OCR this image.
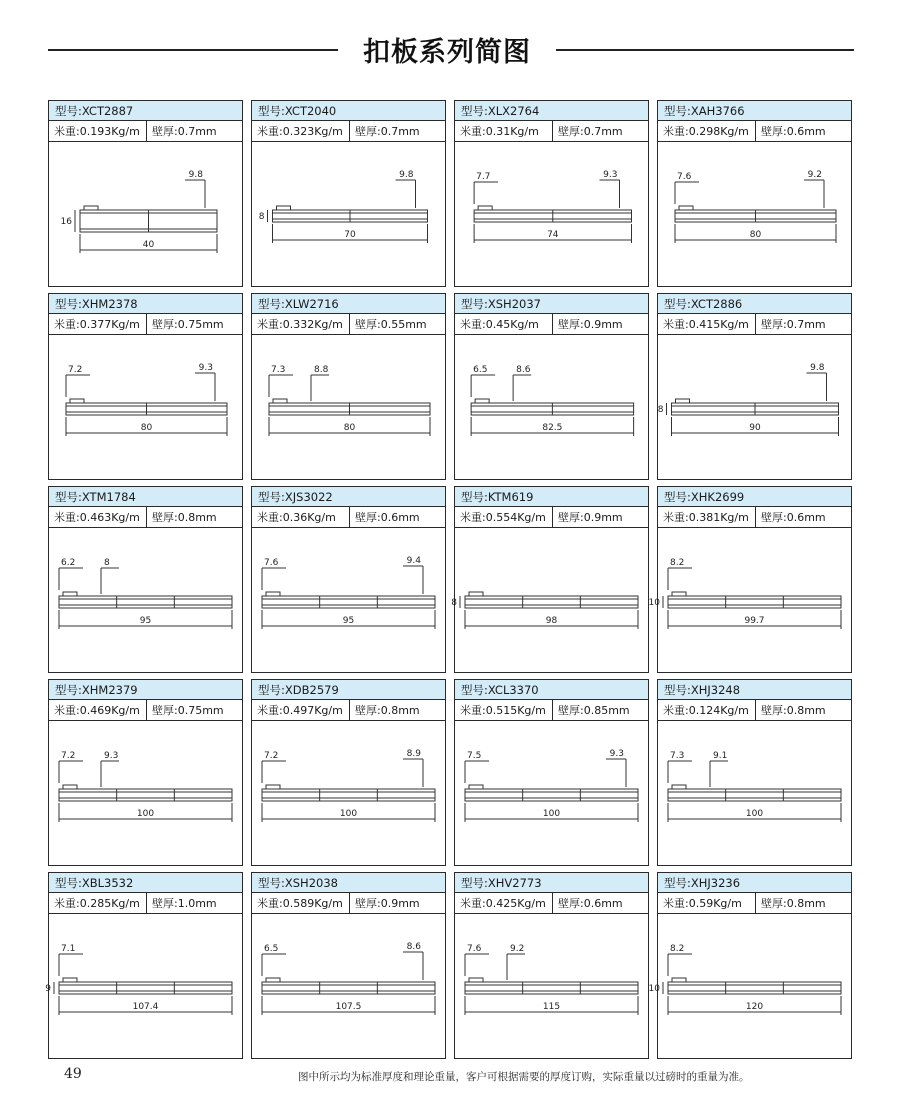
扣板系列简图
型号:XCT2887
米重:0.193Kg/m 壁厚:0.7mm
40
9.8
16
型号:XCT2040
米重:0.323Kg/m 壁厚:0.7mm
70
9.8
8
型号:XLX2764
米重:0.31Kg/m 壁厚:0.7mm
74
7.7	9.3
型号:XAH3766
米重:0.298Kg/m 壁厚:0.6mm
80
7.6	9.2
型号:XHM2378
米重:0.377Kg/m 壁厚:0.75mm
80
7.2	9.3
型号:XLW2716
米重:0.332Kg/m 壁厚:0.55mm
80
7.3	8.8
型号:XSH2037
米重:0.45Kg/m 壁厚:0.9mm
82.5
6.5	8.6
型号:XCT2886
米重:0.415Kg/m 壁厚:0.7mm
90
9.8
8
型号:XTM1784
米重:0.463Kg/m 壁厚:0.8mm
95
6.2	8
型号:XJS3022
米重:0.36Kg/m 壁厚:0.6mm
95
7.6	9.4
型号:KTM619
米重:0.554Kg/m 壁厚:0.9mm
98
8
型号:XHK2699
米重:0.381Kg/m 壁厚:0.6mm
99.7
8.2
10
型号:XHM2379
米重:0.469Kg/m 壁厚:0.75mm
100
7.2	9.3
型号:XDB2579
米重:0.497Kg/m 壁厚:0.8mm
100
7.2	8.9
型号:XCL3370
米重:0.515Kg/m 壁厚:0.85mm
100
7.5	9.3
型号:XHJ3248
米重:0.124Kg/m 壁厚:0.8mm
100
7.3	9.1
型号:XBL3532
米重:0.285Kg/m 壁厚:1.0mm
107.4
7.1
9
型号:XSH2038
米重:0.589Kg/m 壁厚:0.9mm
107.5
6.5	8.6
型号:XHV2773
米重:0.425Kg/m 壁厚:0.6mm
115
7.6	9.2
型号:XHJ3236
米重:0.59Kg/m 壁厚:0.8mm
120
8.2
10
49	图中所示均为标准厚度和理论重量，客户可根据需要的厚度订购，实际重量以过磅时的重量为准。
